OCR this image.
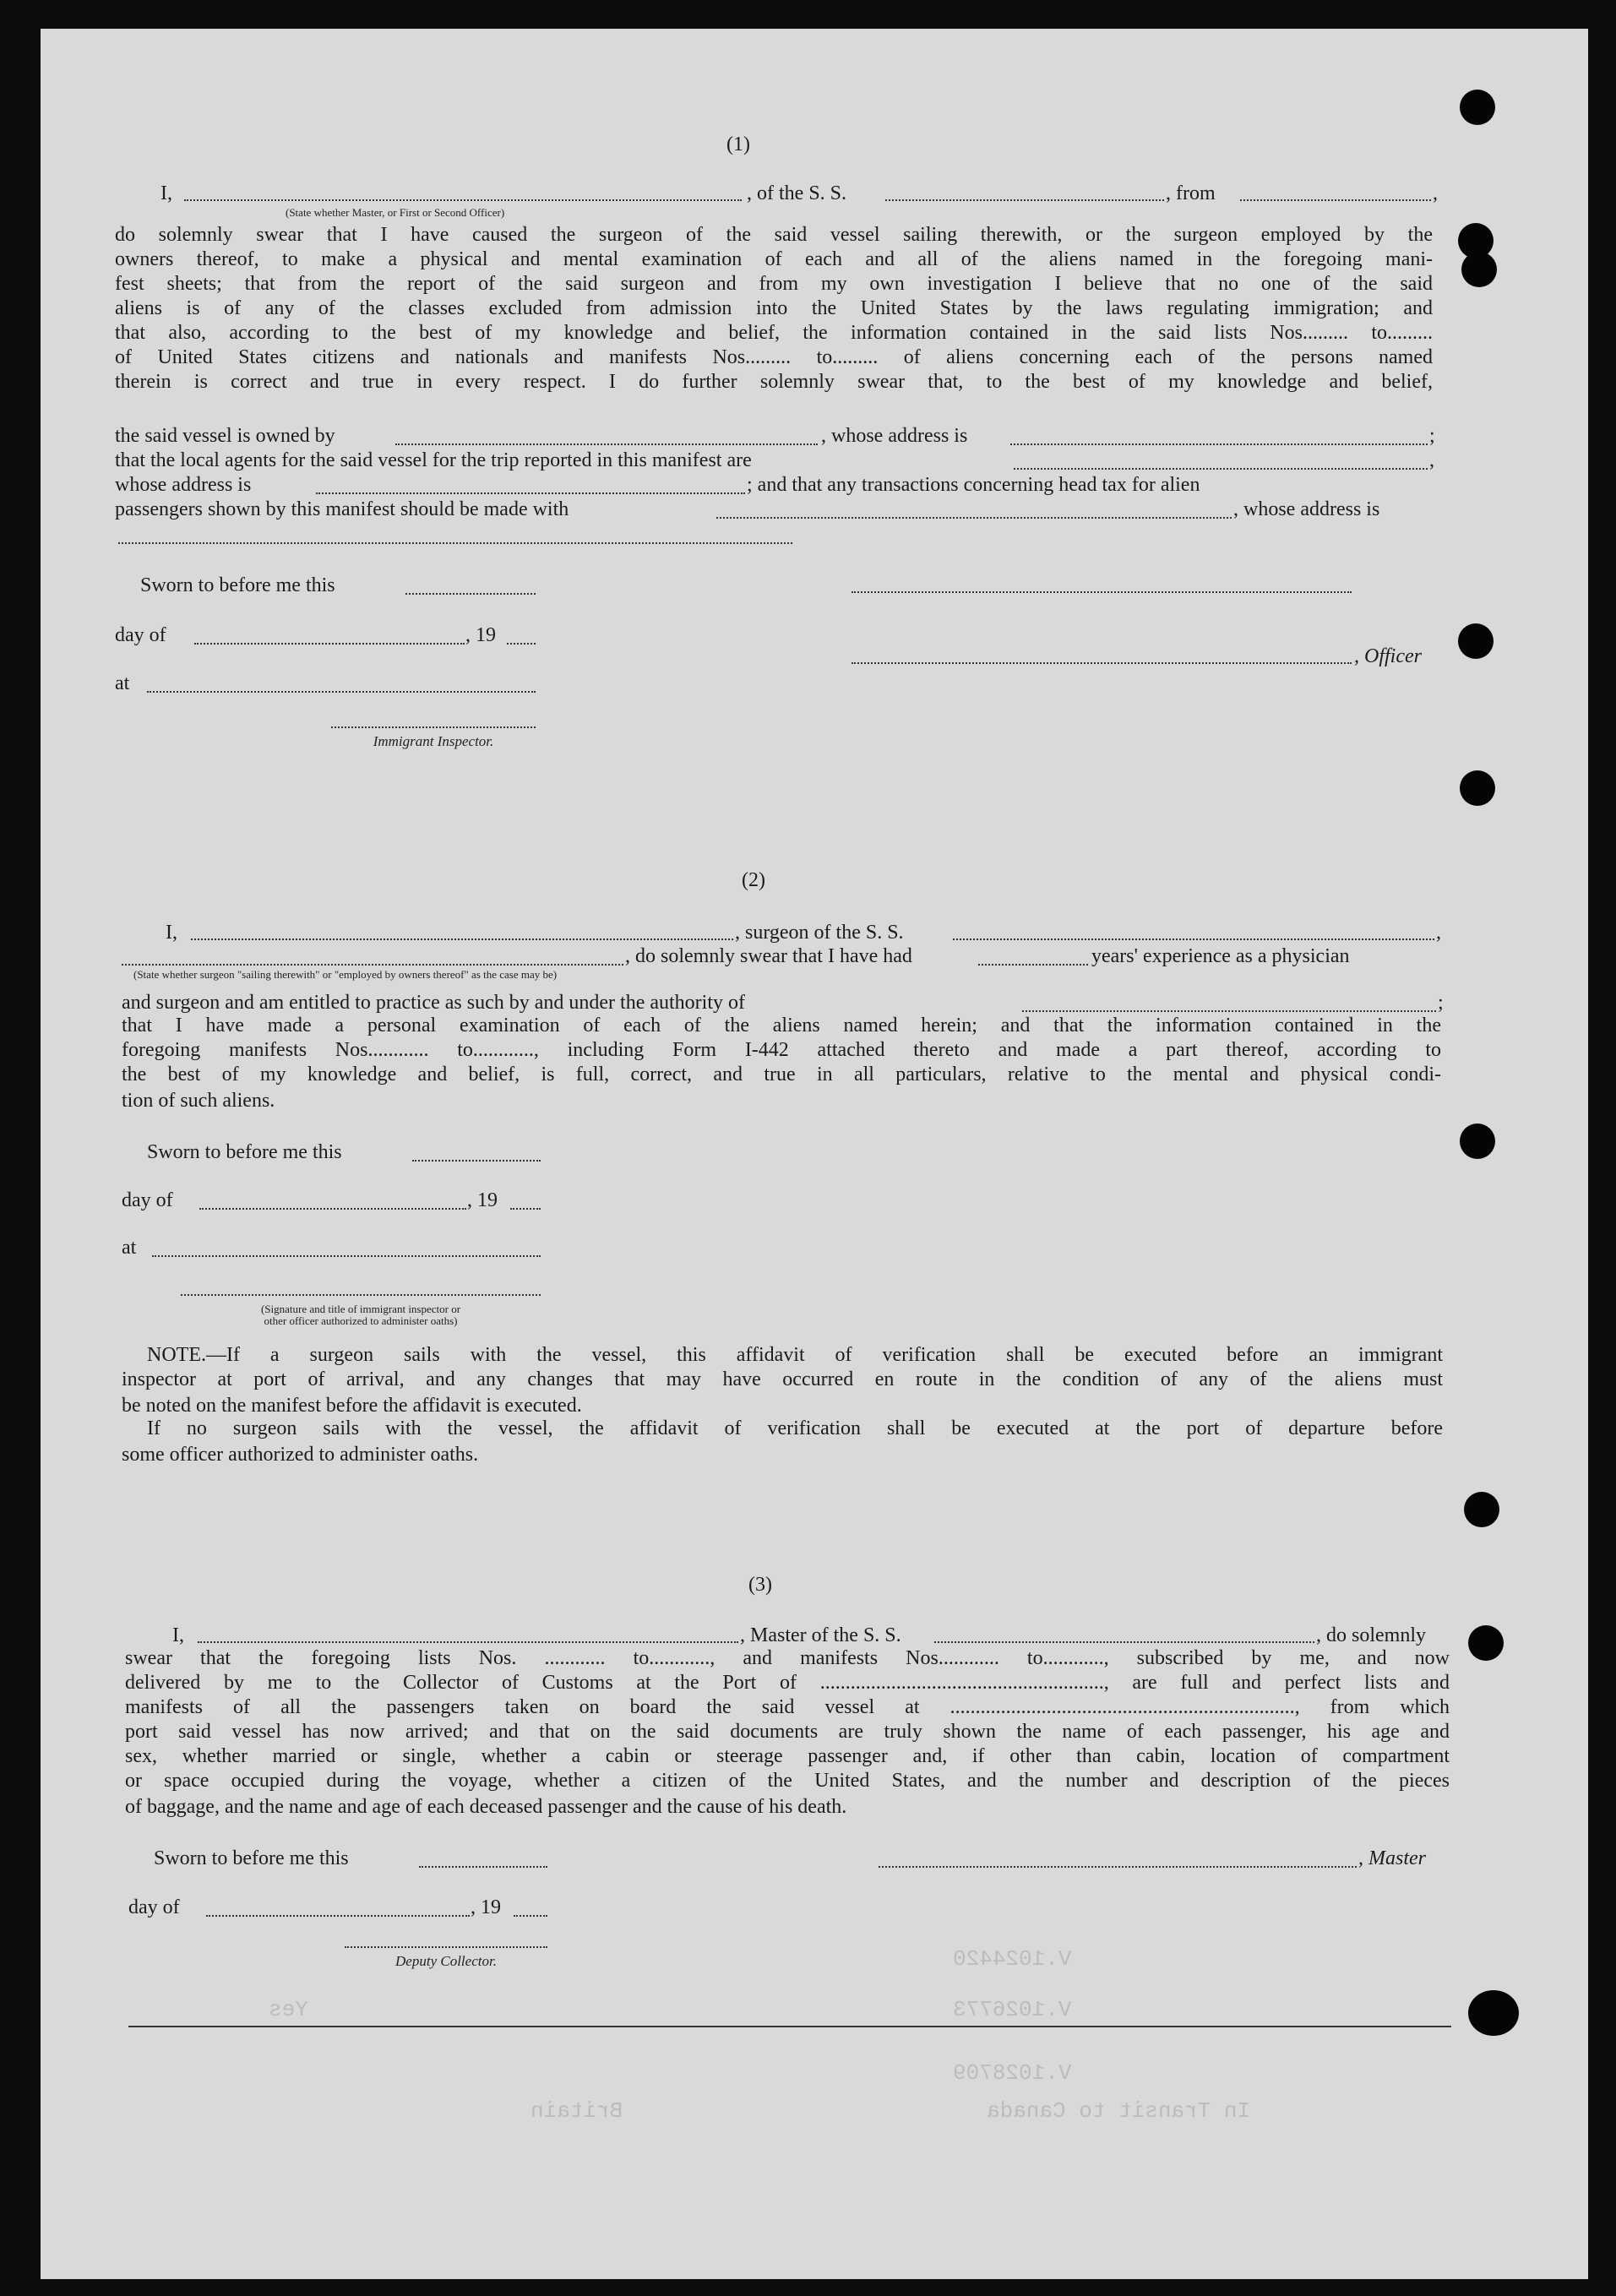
V.1024420
V.1026773
V.1028709
In Transit to Canada
Britain
Yes
(1)
I,	, of the S. S.	, from	,
(State whether Master, or First or Second Officer)
do solemnly swear that I have caused the surgeon of the said vessel sailing therewith, or the surgeon employed by the
owners thereof, to make a physical and mental examination of each and all of the aliens named in the foregoing mani-
fest sheets; that from the report of the said surgeon and from my own investigation I believe that no one of the said
aliens is of any of the classes excluded from admission into the United States by the laws regulating immigration; and
that also, according to the best of my knowledge and belief, the information contained in the said lists Nos......... to.........
of United States citizens and nationals and manifests Nos......... to......... of aliens concerning each of the persons named
therein is correct and true in every respect. I do further solemnly swear that, to the best of my knowledge and belief,
the said vessel is owned by	, whose address is	;
that the local agents for the said vessel for the trip reported in this manifest are	,
whose address is	; and that any transactions concerning head tax for alien
passengers shown by this manifest should be made with	, whose address is
Sworn to before me this
day of	, 19
, Officer
at
Immigrant Inspector.
(2)
I,	, surgeon of the S. S.	,
, do solemnly swear that I have had	years' experience as a physician
(State whether surgeon "sailing therewith" or "employed by owners thereof" as the case may be)
and surgeon and am entitled to practice as such by and under the authority of	;
that I have made a personal examination of each of the aliens named herein; and that the information contained in the
foregoing manifests Nos............ to............, including Form I-442 attached thereto and made a part thereof, according to
the best of my knowledge and belief, is full, correct, and true in all particulars, relative to the mental and physical condi-
tion of such aliens.
Sworn to before me this
day of	, 19
at
(Signature and title of immigrant inspector or
other officer authorized to administer oaths)
NOTE.—If a surgeon sails with the vessel, this affidavit of verification shall be executed before an immigrant
inspector at port of arrival, and any changes that may have occurred en route in the condition of any of the aliens must
be noted on the manifest before the affidavit is executed.
If no surgeon sails with the vessel, the affidavit of verification shall be executed at the port of departure before
some officer authorized to administer oaths.
(3)
I,	, Master of the S. S.	, do solemnly
swear that the foregoing lists Nos. ............ to............, and manifests Nos............ to............, subscribed by me, and now
delivered by me to the Collector of Customs at the Port of ........................................................, are full and perfect lists and
manifests of all the passengers taken on board the said vessel at ...................................................................., from which
port said vessel has now arrived; and that on the said documents are truly shown the name of each passenger, his age and
sex, whether married or single, whether a cabin or steerage passenger and, if other than cabin, location of compartment
or space occupied during the voyage, whether a citizen of the United States, and the number and description of the pieces
of baggage, and the name and age of each deceased passenger and the cause of his death.
Sworn to before me this	, Master
day of	, 19
Deputy Collector.
